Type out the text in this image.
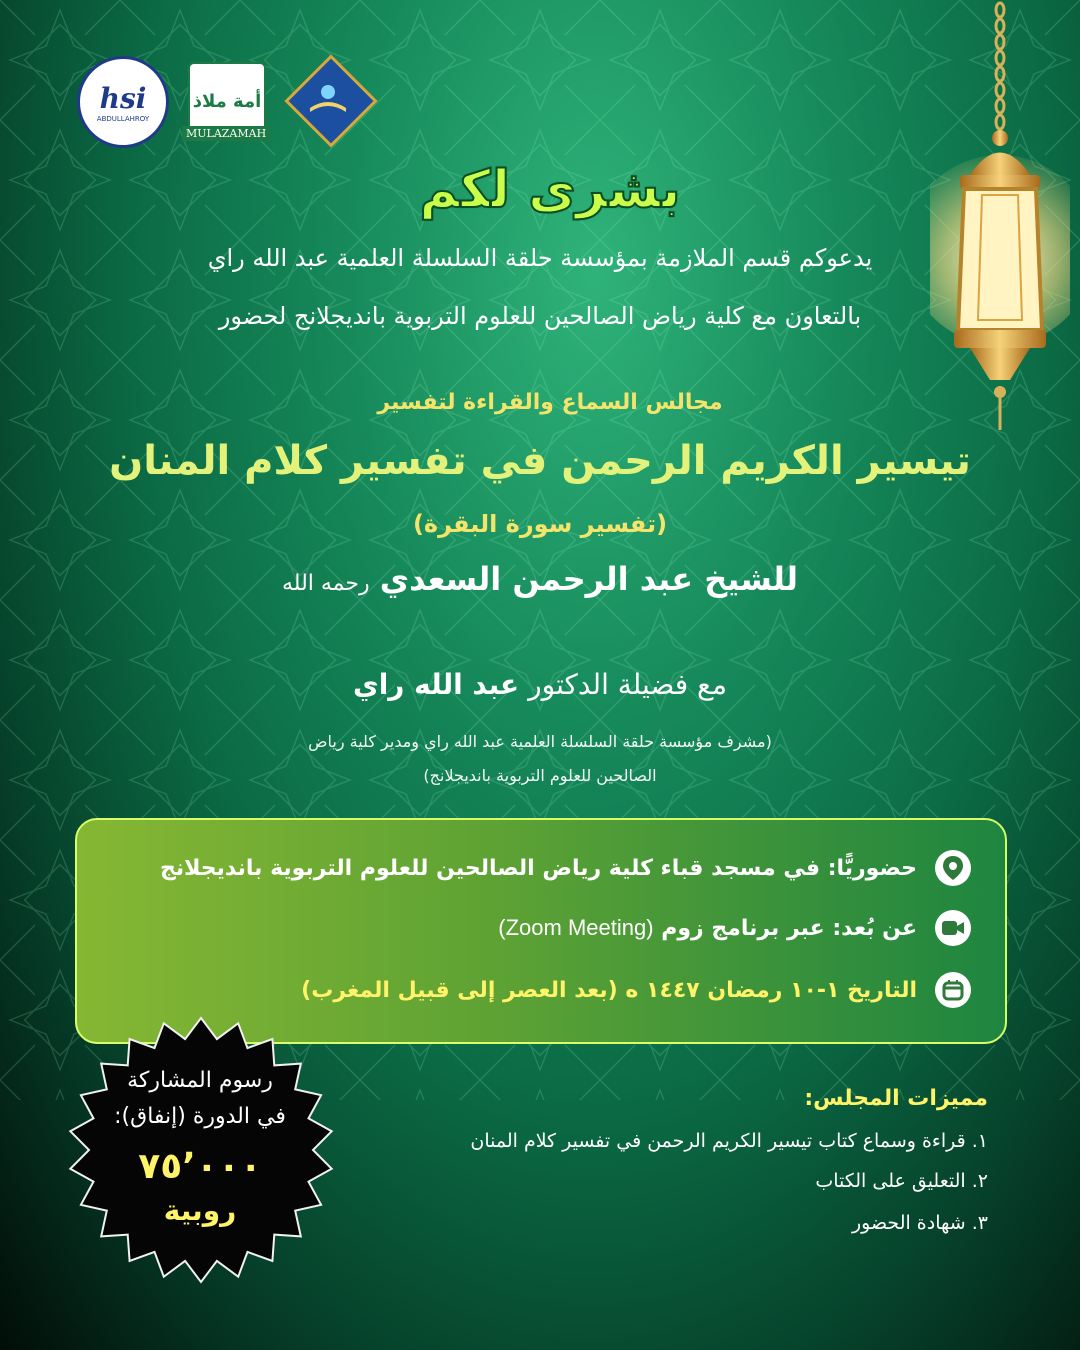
hsi
ABDULLAHROY
أمة ملاذ
MULAZAMAH
بشرى لكم
يدعوكم قسم الملازمة بمؤسسة حلقة السلسلة العلمية عبد الله راي
بالتعاون مع كلية رياض الصالحين للعلوم التربوية بانديجلانج لحضور
مجالس السماع والقراءة لتفسير
تيسير الكريم الرحمن في تفسير كلام المنان
(تفسير سورة البقرة)
للشيخ عبد الرحمن السعدي رحمه الله
مع فضيلة الدكتور عبد الله راي
(مشرف مؤسسة حلقة السلسلة العلمية عبد الله راي ومدير كلية رياض
الصالحين للعلوم التربوية بانديجلانج)
حضوريًّا: في مسجد قباء كلية رياض الصالحين للعلوم التربوية بانديجلانج
عن بُعد: عبر برنامج زوم (Zoom Meeting)
التاريخ ١-١٠ رمضان ١٤٤٧ ه (بعد العصر إلى قبيل المغرب)
رسوم المشاركة
في الدورة (إنفاق):
٧٥٬٠٠٠
روبية
مميزات المجلس:
١. قراءة وسماع كتاب تيسير الكريم الرحمن في تفسير كلام المنان
٢. التعليق على الكتاب
٣. شهادة الحضور
